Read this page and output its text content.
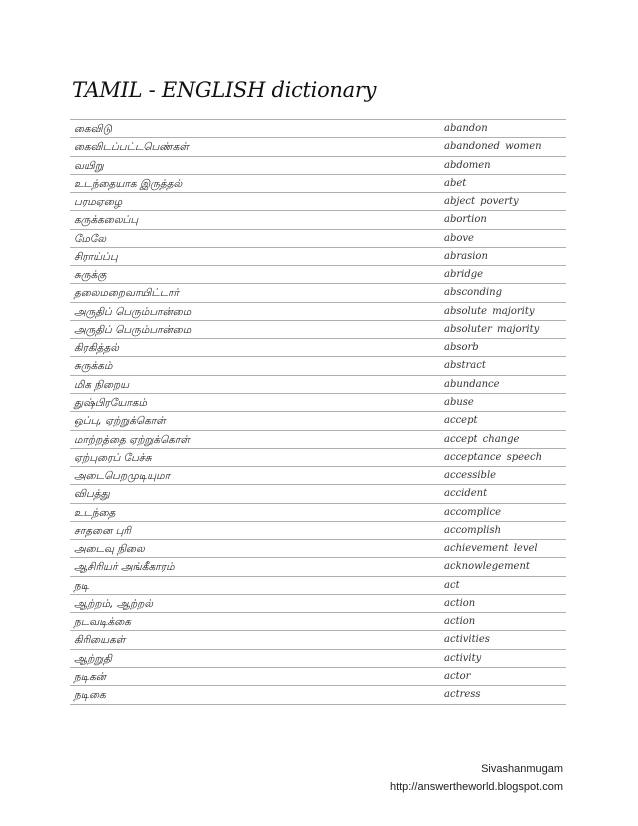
TAMIL - ENGLISH dictionary
கைவிடு	abandon
கைவிடப்பட்டபெண்கள்	abandoned women
வயிறு	abdomen
உடந்தையாக இருத்தல்	abet
பரமஏழை	abject poverty
கருக்கலைப்பு	abortion
மேலே	above
சிராய்ப்பு	abrasion
சுருக்கு	abridge
தலைமறைவாயிட்டார்	absconding
அருதிப் பெரும்பான்மை	absolute majority
அருதிப் பெரும்பான்மை	absoluter majority
கிரகித்தல்	absorb
சுருக்கம்	abstract
மிக நிறைய	abundance
துஷ்பிரயோகம்	abuse
ஒப்பு, ஏற்றுக்கொள்	accept
மாற்றத்தை ஏற்றுக்கொள்	accept change
ஏற்புரைப் பேச்சு	acceptance speech
அடைபெறமுடியுமா	accessible
விபத்து	accident
உடந்தை	accomplice
சாதனை புரி	accomplish
அடைவு நிலை	achievement level
ஆசிரியர் அங்கீகாரம்	acknowlegement
நடி	act
ஆற்றம், ஆற்றல்	action
நடவடிக்கை	action
கிரியைகள்	activities
ஆற்றுதி	activity
நடிகன்	actor
நடிகை	actress
Sivashanmugam
http://answertheworld.blogspot.com
